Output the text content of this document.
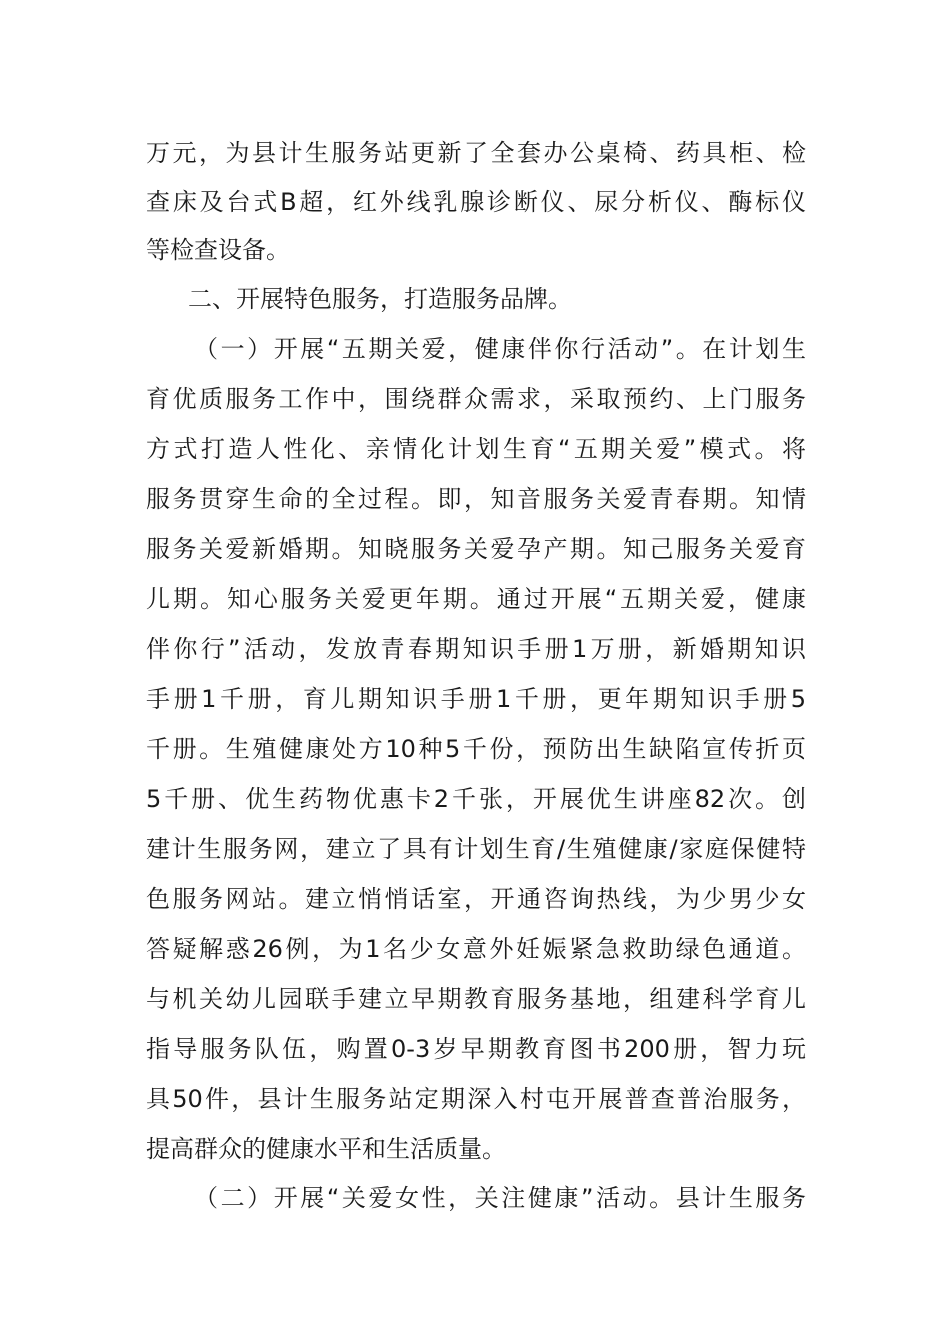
万元，为县计生服务站更新了全套办公桌椅、药具柜、检
查床及台式B超，红外线乳腺诊断仪、尿分析仪、酶标仪
等检查设备。
二、开展特色服务，打造服务品牌。
（一）开展“五期关爱，健康伴你行活动”。在计划生
育优质服务工作中，围绕群众需求，采取预约、上门服务
方式打造人性化、亲情化计划生育“五期关爱”模式。将
服务贯穿生命的全过程。即，知音服务关爱青春期。知情
服务关爱新婚期。知晓服务关爱孕产期。知己服务关爱育
儿期。知心服务关爱更年期。通过开展“五期关爱，健康
伴你行”活动，发放青春期知识手册1万册，新婚期知识
手册1千册，育儿期知识手册1千册，更年期知识手册5
千册。生殖健康处方10种5千份，预防出生缺陷宣传折页
5千册、优生药物优惠卡2千张，开展优生讲座82次。创
建计生服务网，建立了具有计划生育/生殖健康/家庭保健特
色服务网站。建立悄悄话室，开通咨询热线，为少男少女
答疑解惑26例，为1名少女意外妊娠紧急救助绿色通道。
与机关幼儿园联手建立早期教育服务基地，组建科学育儿
指导服务队伍，购置0-3岁早期教育图书200册，智力玩
具50件，县计生服务站定期深入村屯开展普查普治服务，
提高群众的健康水平和生活质量。
（二）开展“关爱女性，关注健康”活动。县计生服务
